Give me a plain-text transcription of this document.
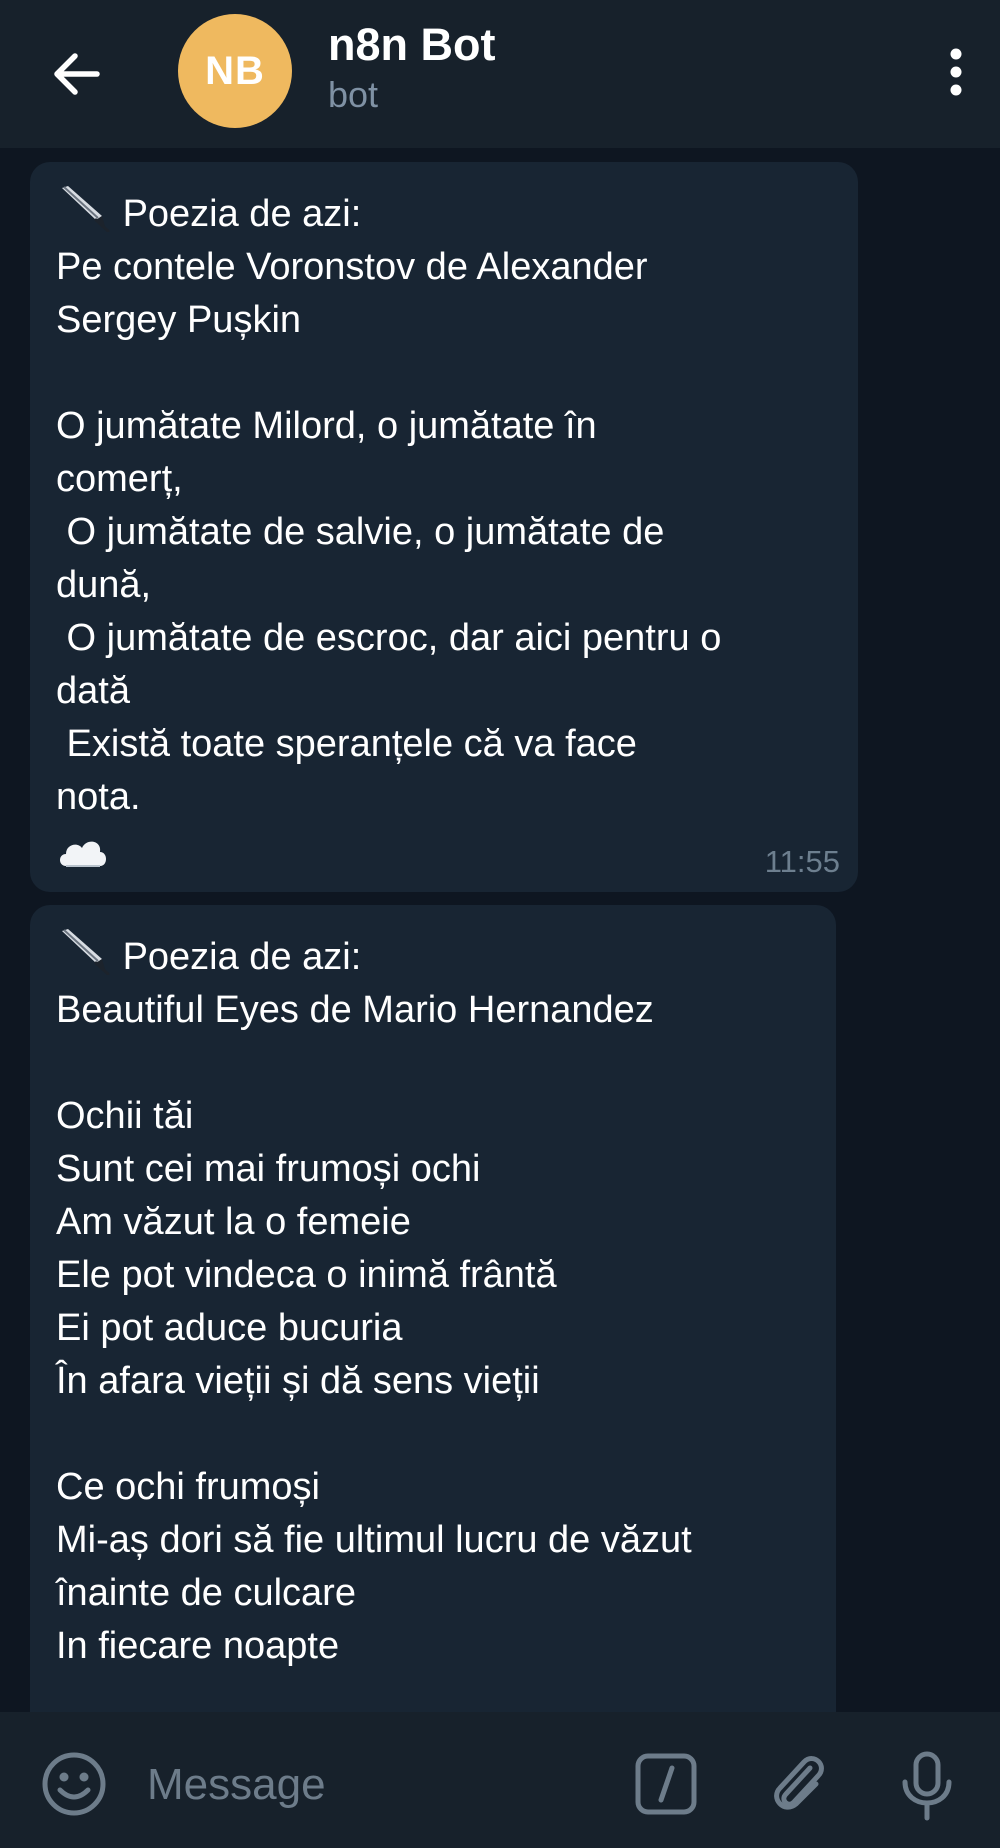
NB
n8n Bot
bot
Poezia de azi:
Pe contele Voronstov de Alexander
Sergey Pușkin
O jumătate Milord, o jumătate în
comerț,
O jumătate de salvie, o jumătate de
dună,
O jumătate de escroc, dar aici pentru o
dată
Există toate speranțele că va face
nota.
11:55
Poezia de azi:
Beautiful Eyes de Mario Hernandez
Ochii tăi
Sunt cei mai frumoși ochi
Am văzut la o femeie
Ele pot vindeca o inimă frântă
Ei pot aduce bucuria
În afara vieții și dă sens vieții
Ce ochi frumoși
Mi-aș dori să fie ultimul lucru de văzut
înainte de culcare
In fiecare noapte
Message
